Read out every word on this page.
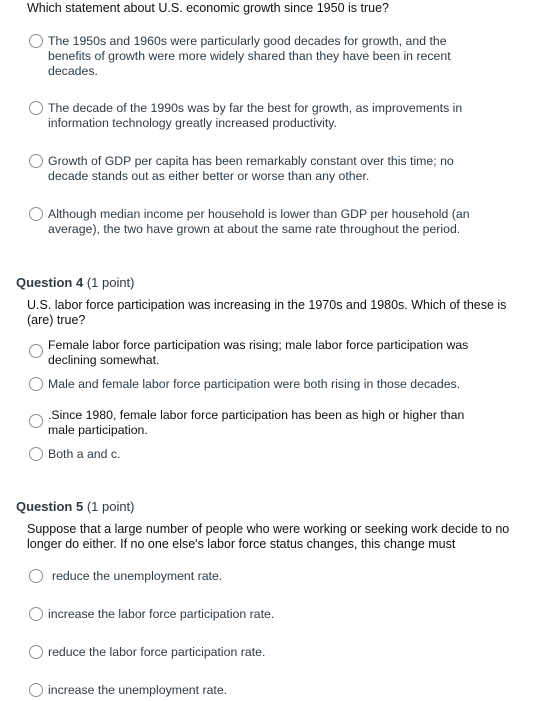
Which statement about U.S. economic growth since 1950 is true?
The 1950s and 1960s were particularly good decades for growth, and the benefits of growth were more widely shared than they have been in recent decades.
The decade of the 1990s was by far the best for growth, as improvements in information technology greatly increased productivity.
Growth of GDP per capita has been remarkably constant over this time; no decade stands out as either better or worse than any other.
Although median income per household is lower than GDP per household (an average), the two have grown at about the same rate throughout the period.
Question 4 (1 point)
U.S. labor force participation was increasing in the 1970s and 1980s. Which of these is (are) true?
Female labor force participation was rising; male labor force participation was declining somewhat.
Male and female labor force participation were both rising in those decades.
.Since 1980, female labor force participation has been as high or higher than male participation.
Both a and c.
Question 5 (1 point)
Suppose that a large number of people who were working or seeking work decide to no longer do either. If no one else's labor force status changes, this change must
reduce the unemployment rate.
increase the labor force participation rate.
reduce the labor force participation rate.
increase the unemployment rate.
